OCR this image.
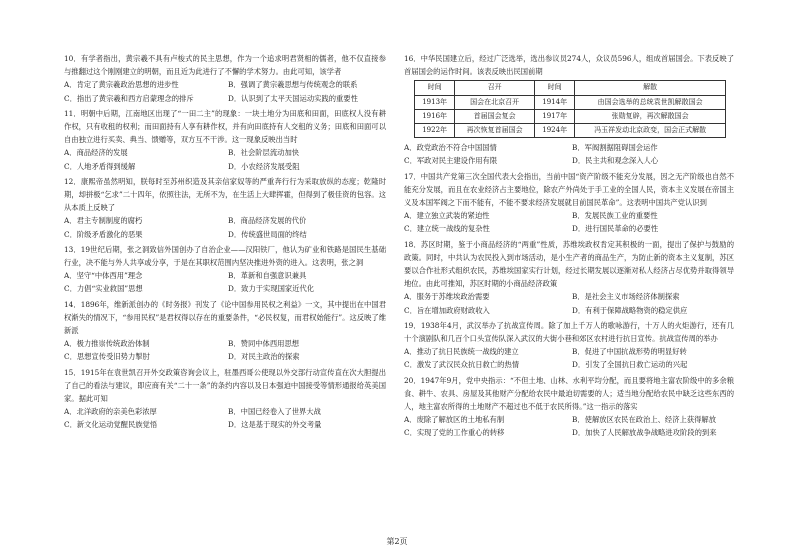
10．有学者指出，黄宗羲不具有卢梭式的民主思想，作为一个追求明君贤相的儒者，他不仅直接参与推翻过这个刚刚建立的明朝，而且近为此进行了不懈的学术努力。由此可知，该学者

A．肯定了黄宗羲政治思想的进步性	B．强调了黄宗羲思想与传统观念的联系
C．指出了黄宗羲和西方启蒙理念的排斥	D．认识到了太平天国运动实践的重要性

11．明朝中后期，江南地区出现了“一田二主”的现象：一块土地分为田底和田面，田底权人没有耕作权，只有收租的权利；而田面持有人享有耕作权，并有向田底持有人交租的义务；田底和田面可以自由独立进行买卖、典当、馈赠等，双方互不干涉。这一现象反映出当时

A．商品经济的发展	B．社会阶层流动加快
C．人地矛盾得到缓解	D．小农经济发展受阻

12．康熙帝虽然明知，朕每时至苏州织造及其亲信家奴等的严重奔行行为采取放纵的态度；乾隆时期，却拼极“乞求”二十四年，依照往法，无所不为，在生活上大肆挥霍，但得到了极佳资的包容。这从本质上反映了

A．君主专制制度的腐朽	B．商品经济发展的代价
C．阶级矛盾激化的恶果	D．传统盛世局面的终结

13．19世纪后期，张之洞致信外国创办了自治企业——汉阳铁厂，他认为矿业和铁路是国民生基础行业，决不能与外人共享或分享，于是在其职权范围内坚决推进外资的进入。这表明，张之洞

A．坚守“中体西用”理念	B．革新和自强意识兼具
C．力倡“实业救国”思想	D．致力于实现国家近代化

14．1896年，维新派创办的《时务报》刊发了《论中国参用民权之利益》一文，其中提出在中国君权渐失的情况下，“参用民权”是君权得以存在的重要条件，“必民权复，而君权始能行”。这反映了维新派

A．极力推崇传统政治体制	B．赞同中体西用思想
C．思想宣传受旧势力掣肘	D．对民主政治的探索

15．1915年在袁世凯召开外交政策咨询会议上，驻墨西哥公使现以外交部行动宣传直在次大胆提出了自己的看法与建议，即应商有关“二十一条”的条约内容以及日本强迫中国接受等情形通报给英美国家。据此可知

A．北洋政府的亲美色彩浓厚	B．中国已经卷入了世界大战
C．新文化运动觉醒民族觉悟	D．这是基于现实的外交考量

16．中华民国建立后，经过广泛选举，选出参议员274人，众议员596人，组成首届国会。下表反映了首届国会的运作时间。该表反映出民国前期

时间	召开	时间	解散
1913年	国会在北京召开	1914年	由国会选举的总统袁世凯解散国会
1916年	首届国会复会	1917年	张勋复辟，再次解散国会
1922年	再次恢复首届国会	1924年	冯玉祥发动北京政变，国会正式解散
A．政党政治不符合中国国情	B．军阀割据阻碍国会运作
C．军政对民主建设作用有限	D．民主共和观念深入人心

17．中国共产党第三次全国代表大会指出，当前中国“资产阶级不能充分发展，因之无产阶级也自然不能充分发展，而且在农业经济占主要地位，除农产外尚处于手工业的全国人民，资本主义发展在帝国主义及本国军阀之下而不能有，不能不要求经济发展就目前国民革命”。这表明中国共产党认识到

A．建立独立武装的紧迫性	B．发展民族工业的重要性
C．建立统一战线的复杂性	D．进行国民革命的必要性

18．苏区时期，鉴于小商品经济的“两重”性质，苏维埃政权肯定其积极的一面，提出了保护与鼓励的政策。同时，中共认为农民投入到市场活动，是小生产者的商品生产，为防止新的资本主义复制，苏区要以合作社形式组织农民，苏维埃国家实行计划，经过长期发展以逐渐对私人经济占尽优势并取得领导地位。由此可推知，苏区时期的小商品经济政策

A．服务于苏维埃政治需要	B．是社会主义市场经济体制探索
C．旨在增加政府财政收入	D．有利于保障战略物资的稳定供应

19．1938年4月，武汉举办了抗战宣传周。除了加上千万人的歌咏游行，十万人的火炬游行，还有几十个演剧队和几百个口头宣传队深入武汉的大街小巷和郊区农村进行抗日宣传。抗战宣传周的举办

A．推动了抗日民族统一战线的建立	B．促进了中国抗战形势的明显好转
C．激发了武汉民众抗日救亡的热情	D．引发了全国抗日救亡运动的兴起

20．1947年9月，党中央指示：“不但土地、山林、水利平均分配，而且要将地主富农阶级中的多余粮食、耕牛、农具、房屋及其他财产分配给农民中最迫切需要的人；适当地分配给农民中缺乏这些东西的人，地主富农所得的土地财产不超过也不低于农民所得。”这一指示的落实

A．废除了解放区的土地私有制	B．使解放区农民在政治上、经济上获得解放
C．实现了党的工作重心的转移	D．加快了人民解放战争战略进攻阶段的到来
第2页
